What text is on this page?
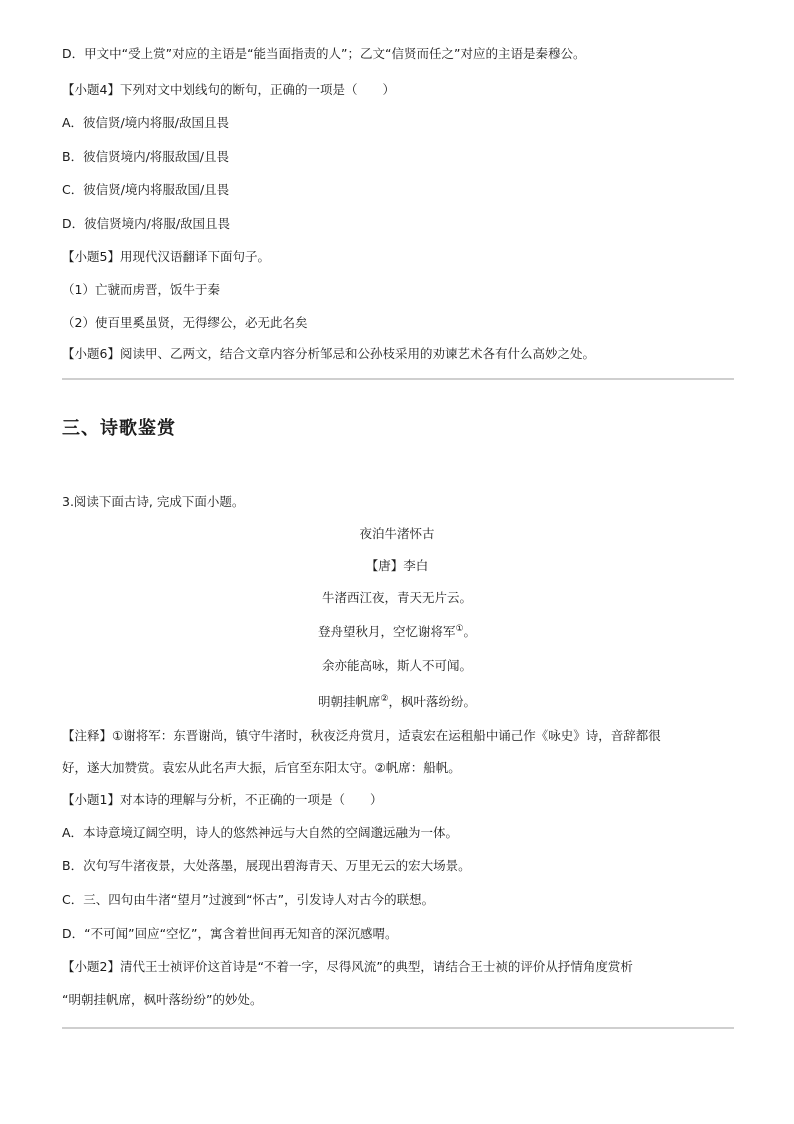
D．甲文中“受上赏”对应的主语是“能当面指责的人”；乙文“信贤而任之”对应的主语是秦穆公。
【小题4】下列对文中划线句的断句，正确的一项是（　　）
A．彼信贤/境内将服/敌国且畏
B．彼信贤境内/将服敌国/且畏
C．彼信贤/境内将服敌国/且畏
D．彼信贤境内/将服/敌国且畏
【小题5】用现代汉语翻译下面句子。
（1）亡虢而虏晋，饭牛于秦
（2）使百里奚虽贤，无得缪公，必无此名矣
【小题6】阅读甲、乙两文，结合文章内容分析邹忌和公孙枝采用的劝谏艺术各有什么高妙之处。
三、诗歌鉴赏
3.阅读下面古诗, 完成下面小题。
夜泊牛渚怀古
【唐】李白
牛渚西江夜，青天无片云。
登舟望秋月，空忆谢将军①。
余亦能高咏，斯人不可闻。
明朝挂帆席②，枫叶落纷纷。
【注释】①谢将军：东晋谢尚，镇守牛渚时，秋夜泛舟赏月，适袁宏在运租船中诵己作《咏史》诗，音辞都很
好，遂大加赞赏。袁宏从此名声大振，后官至东阳太守。②帆席：船帆。
【小题1】对本诗的理解与分析，不正确的一项是（　　）
A．本诗意境辽阔空明，诗人的悠然神远与大自然的空阔邈远融为一体。
B．次句写牛渚夜景，大处落墨，展现出碧海青天、万里无云的宏大场景。
C．三、四句由牛渚“望月”过渡到“怀古”，引发诗人对古今的联想。
D．“不可闻”回应“空忆”，寓含着世间再无知音的深沉感喟。
【小题2】清代王士祯评价这首诗是“不着一字，尽得风流”的典型，请结合王士祯的评价从抒情角度赏析
“明朝挂帆席，枫叶落纷纷”的妙处。
